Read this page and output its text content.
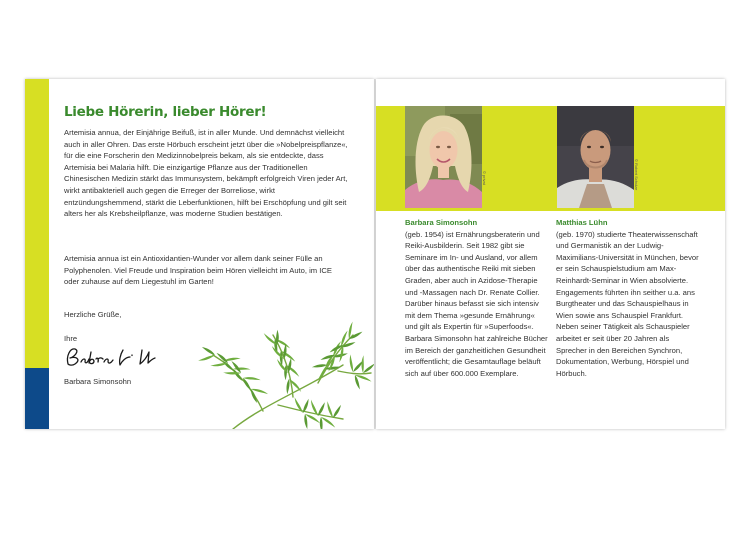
Liebe Hörerin, lieber Hörer!

Artemisia annua, der Einjährige Beifuß, ist in aller Munde. Und demnächst vielleicht auch in aller Ohren. Das erste Hörbuch erscheint jetzt über die »Nobelpreispflanze«, für die eine Forscherin den Medizinnobelpreis bekam, als sie entdeckte, dass Artemisia bei Malaria hilft. Die einzigartige Pflanze aus der Traditionellen Chinesischen Medizin stärkt das Immunsystem, bekämpft erfolgreich Viren jeder Art, wirkt antibakteriell auch gegen die Erreger der Borreliose, wirkt entzündungshemmend, stärkt die Leberfunktionen, hilft bei Erschöpfung und gilt seit alters her als Krebsheilpflanze, was moderne Studien bestätigen.

Artemisia annua ist ein Antioxidantien-Wunder vor allem dank seiner Fülle an Polyphenolen. Viel Freude und Inspiration beim Hören vielleicht im Auto, im ICE oder zuhause auf dem Liegestuhl im Garten!

Herzliche Grüße,

Ihre

Barbara Simonsohn

© privat	© Robert Schulze
Barbara Simonsohn
(geb. 1954) ist Ernährungsberaterin und Reiki-Ausbilderin. Seit 1982 gibt sie Seminare im In- und Ausland, vor allem über das authentische Reiki mit sieben Graden, aber auch in Azidose-Therapie und -Massagen nach Dr. Renate Collier. Darüber hinaus befasst sie sich intensiv mit dem Thema »gesunde Ernährung« und gilt als Expertin für »Superfoods«. Barbara Simonsohn hat zahlreiche Bücher im Bereich der ganzheitlichen Gesundheit veröffentlicht; die Gesamtauflage beläuft sich auf über 600.000 Exemplare.
Matthias Lühn
(geb. 1970) studierte Theaterwissenschaft und Germanistik an der Ludwig-Maximilians-Universität in München, bevor er sein Schauspielstudium am Max-Reinhardt-Seminar in Wien absolvierte. Engagements führten ihn seither u.a. ans Burgtheater und das Schauspielhaus in Wien sowie ans Schauspiel Frankfurt. Neben seiner Tätigkeit als Schauspieler arbeitet er seit über 20 Jahren als Sprecher in den Bereichen Synchron, Dokumentation, Werbung, Hörspiel und Hörbuch.
